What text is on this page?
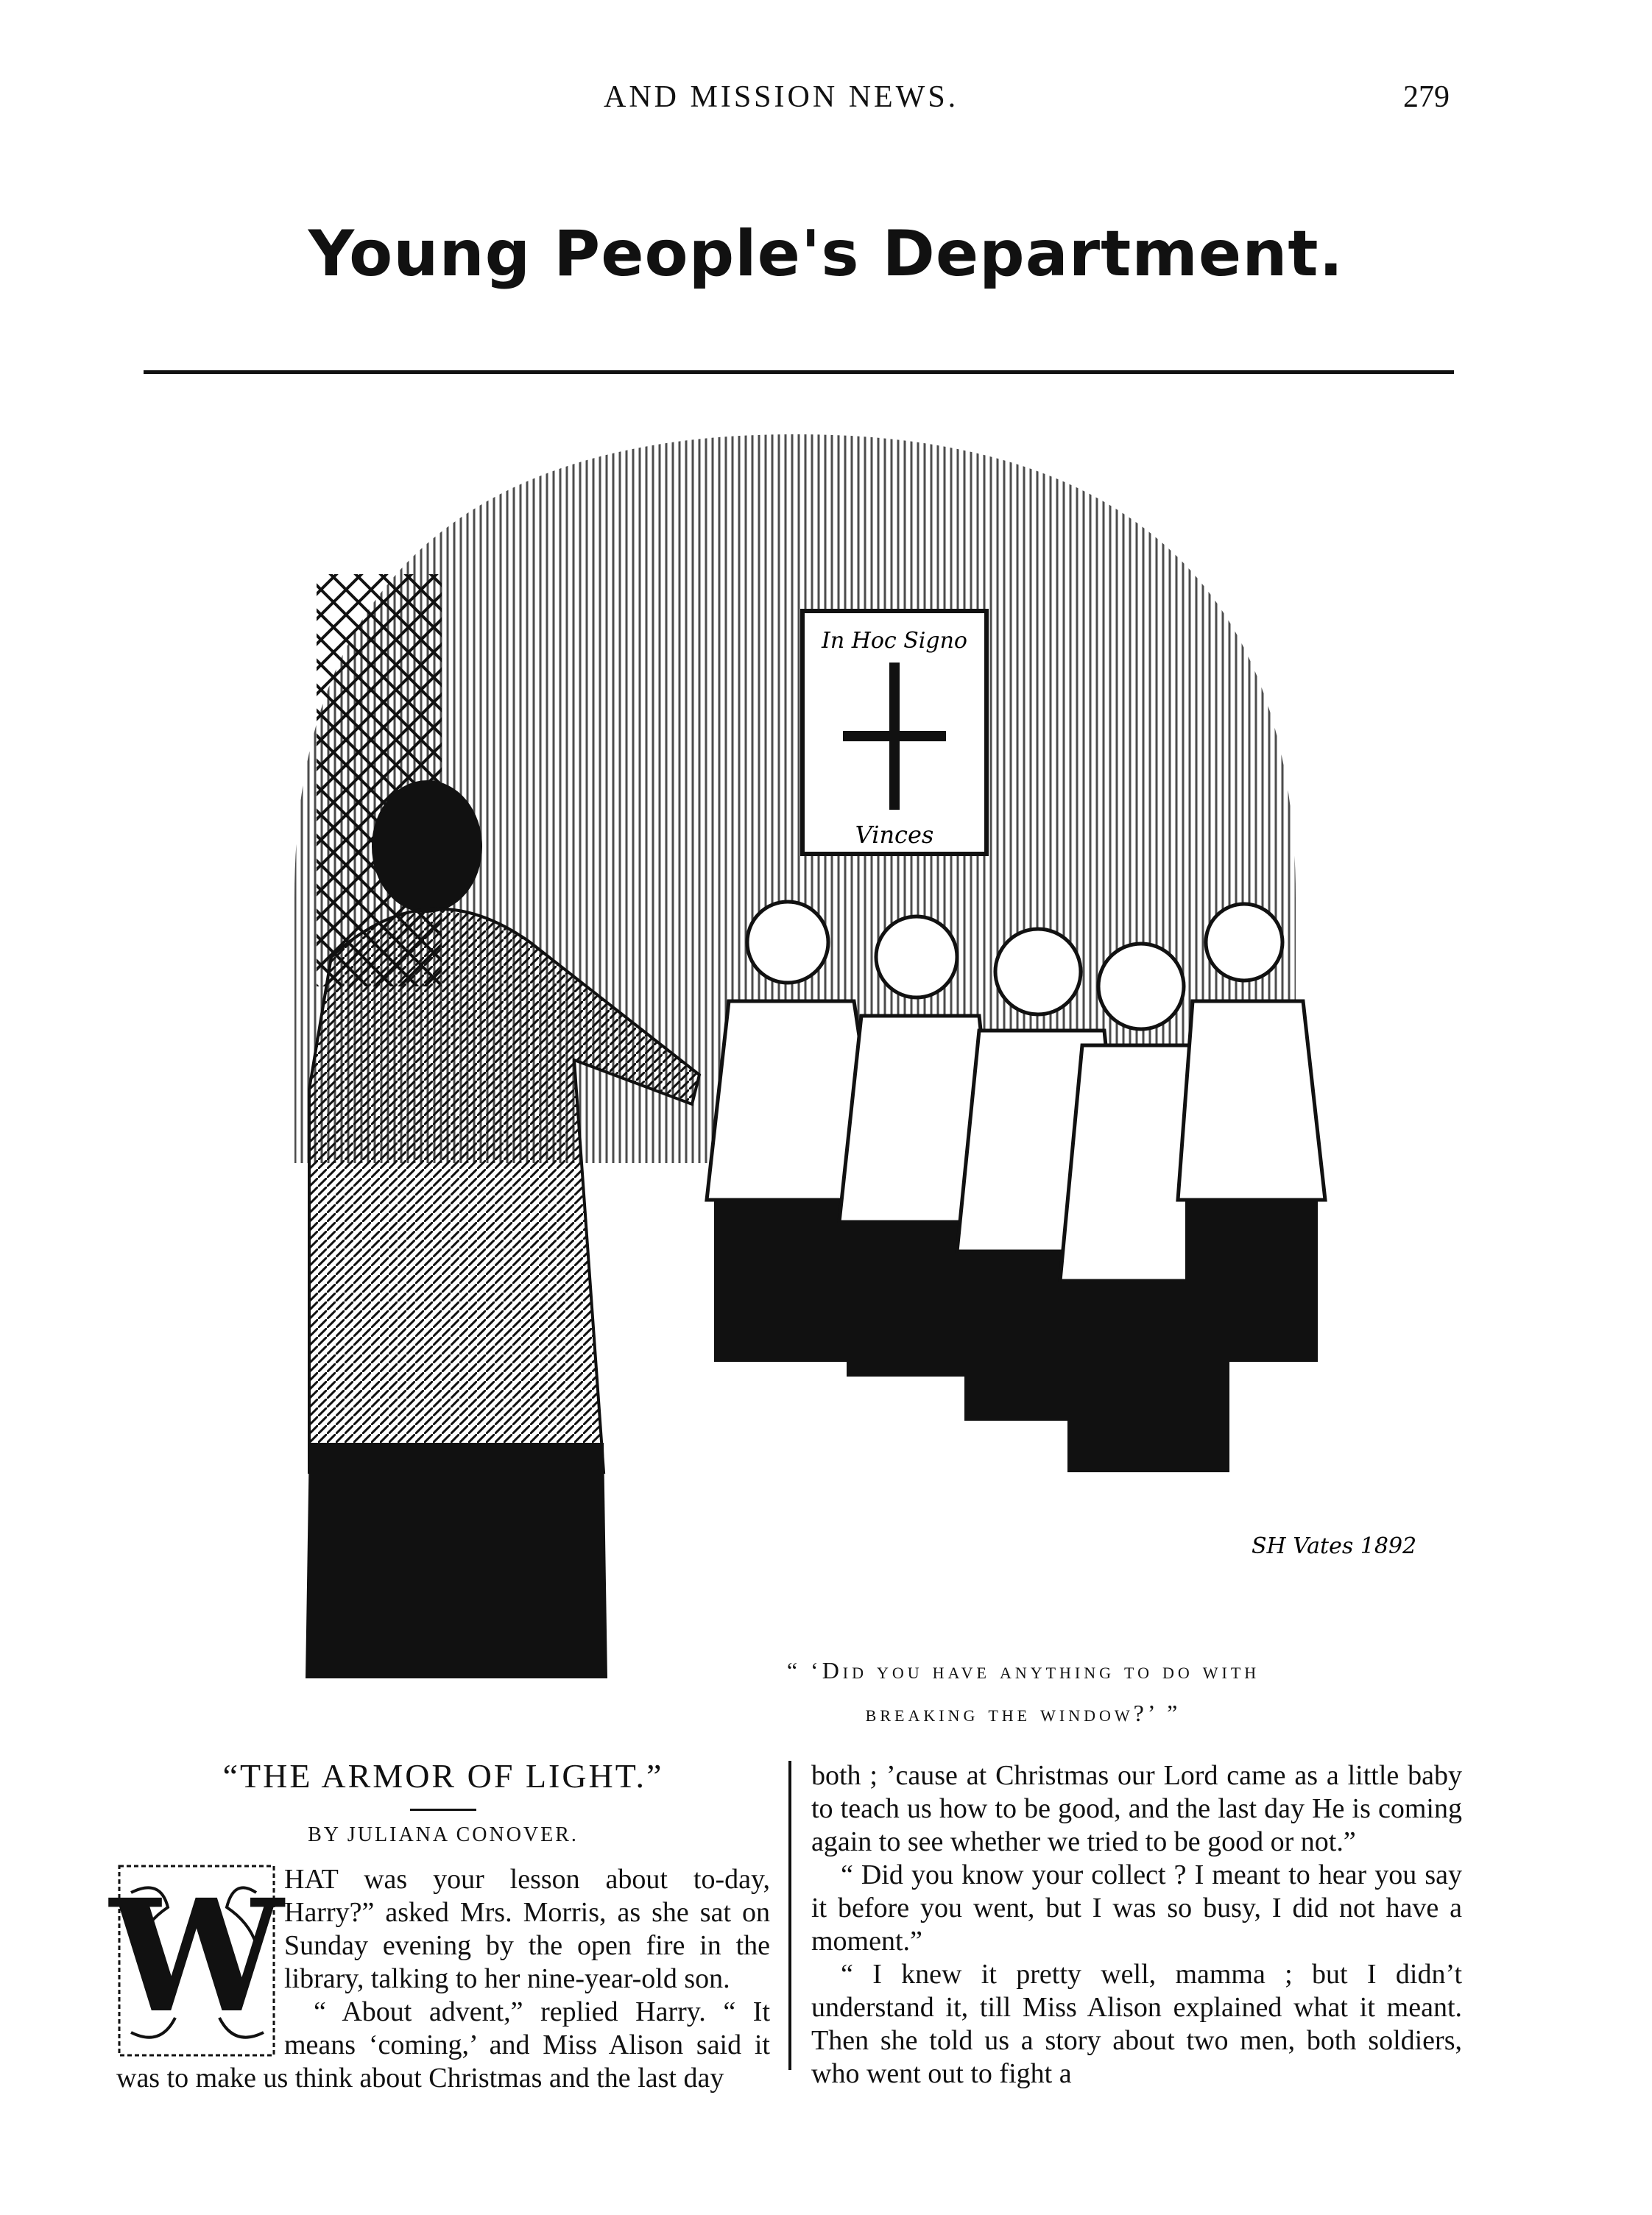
AND MISSION NEWS.	279
Young People's Department.
In Hoc Signo
Vinces
SH Vates 1892
“ ‘Did you have anything to do with
breaking the window?’ ”
“THE ARMOR OF LIGHT.”
BY JULIANA CONOVER.
W HAT was your lesson about to-day, Harry?” asked Mrs. Morris, as she sat on Sunday evening by the open fire in the library, talking to her nine-year-old son.

“ About advent,” replied Harry. “ It means ‘coming,’ and Miss Alison said it was to make us think about Christmas and the last day

both ; ’cause at Christmas our Lord came as a little baby to teach us how to be good, and the last day He is coming again to see whether we tried to be good or not.”

“ Did you know your collect ? I meant to hear you say it before you went, but I was so busy, I did not have a moment.”

“ I knew it pretty well, mamma ; but I didn’t understand it, till Miss Alison explained what it meant. Then she told us a story about two men, both soldiers, who went out to fight a
